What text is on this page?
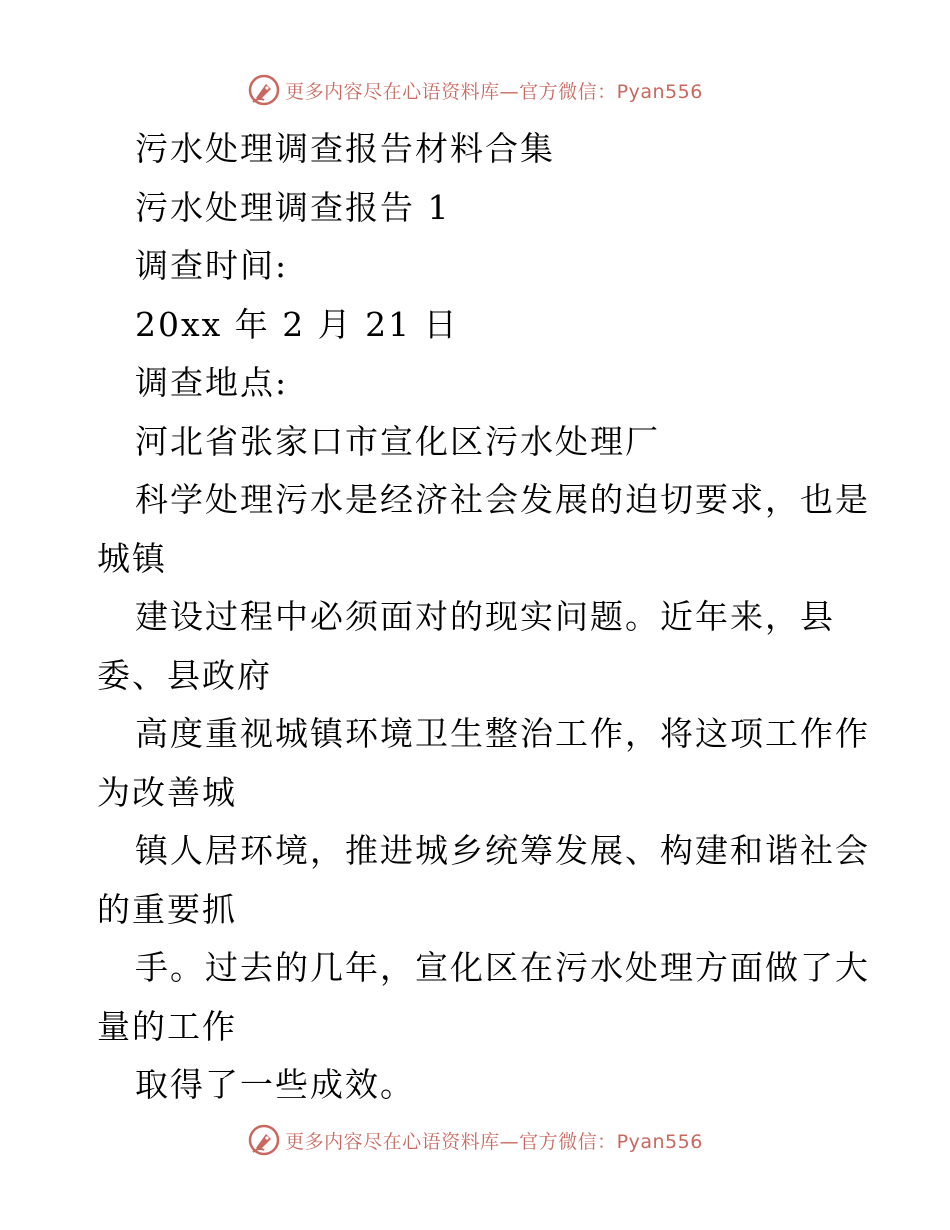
更多内容尽在心语资料库—官方微信：Pyan556
污水处理调查报告材料合集
污水处理调查报告 1
调查时间:
20xx 年 2 月 21 日
调查地点:
河北省张家口市宣化区污水处理厂
科学处理污水是经济社会发展的迫切要求，也是
城镇
建设过程中必须面对的现实问题。近年来，县
委、县政府
高度重视城镇环境卫生整治工作，将这项工作作
为改善城
镇人居环境，推进城乡统筹发展、构建和谐社会
的重要抓
手。过去的几年，宣化区在污水处理方面做了大
量的工作
取得了一些成效。
更多内容尽在心语资料库—官方微信：Pyan556
